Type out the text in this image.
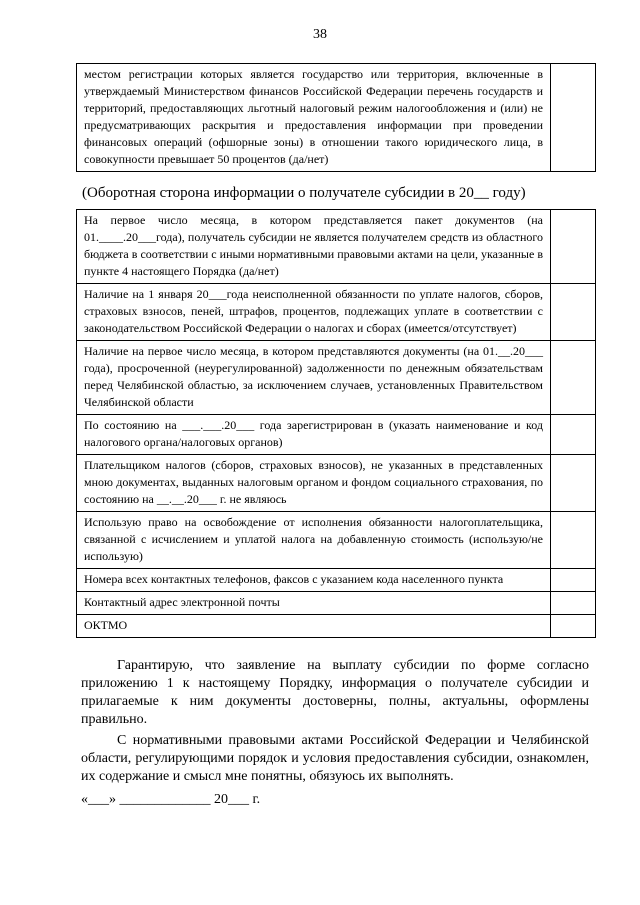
38
местом регистрации которых является государство или территория, включенные в утверждаемый Министерством финансов Российской Федерации перечень государств и территорий, предоставляющих льготный налоговый режим налогообложения и (или) не предусматривающих раскрытия и предоставления информации при проведении финансовых операций (офшорные зоны) в отношении такого юридического лица, в совокупности превышает 50 процентов (да/нет)	
(Оборотная сторона информации о получателе субсидии в 20__ году)
На первое число месяца, в котором представляется пакет документов (на 01.____.20___года), получатель субсидии не является получателем средств из областного бюджета в соответствии с иными нормативными правовыми актами на цели, указанные в пункте 4 настоящего Порядка (да/нет)	
Наличие на 1 января 20___года неисполненной обязанности по уплате налогов, сборов, страховых взносов, пеней, штрафов, процентов, подлежащих уплате в соответствии с законодательством Российской Федерации о налогах и сборах (имеется/отсутствует)	
Наличие на первое число месяца, в котором представляются документы (на 01.__.20___ года), просроченной (неурегулированной) задолженности по денежным обязательствам перед Челябинской областью, за исключением случаев, установленных Правительством Челябинской области	
По состоянию на ___.___.20___ года зарегистрирован в (указать наименование и код налогового органа/налоговых органов)	
Плательщиком налогов (сборов, страховых взносов), не указанных в представленных мною документах, выданных налоговым органом и фондом социального страхования, по состоянию на __.__.20___ г. не являюсь	
Использую право на освобождение от исполнения обязанности налогоплательщика, связанной с исчислением и уплатой налога на добавленную стоимость (использую/не использую)	
Номера всех контактных телефонов, факсов с указанием кода населенного пункта	
Контактный адрес электронной почты	
ОКТМО	
Гарантирую, что заявление на выплату субсидии по форме согласно приложению 1 к настоящему Порядку, информация о получателе субсидии и прилагаемые к ним документы достоверны, полны, актуальны, оформлены правильно.
С нормативными правовыми актами Российской Федерации и Челябинской области, регулирующими порядок и условия предоставления субсидии, ознакомлен, их содержание и смысл мне понятны, обязуюсь их выполнять.
«___» _____________ 20___ г.
